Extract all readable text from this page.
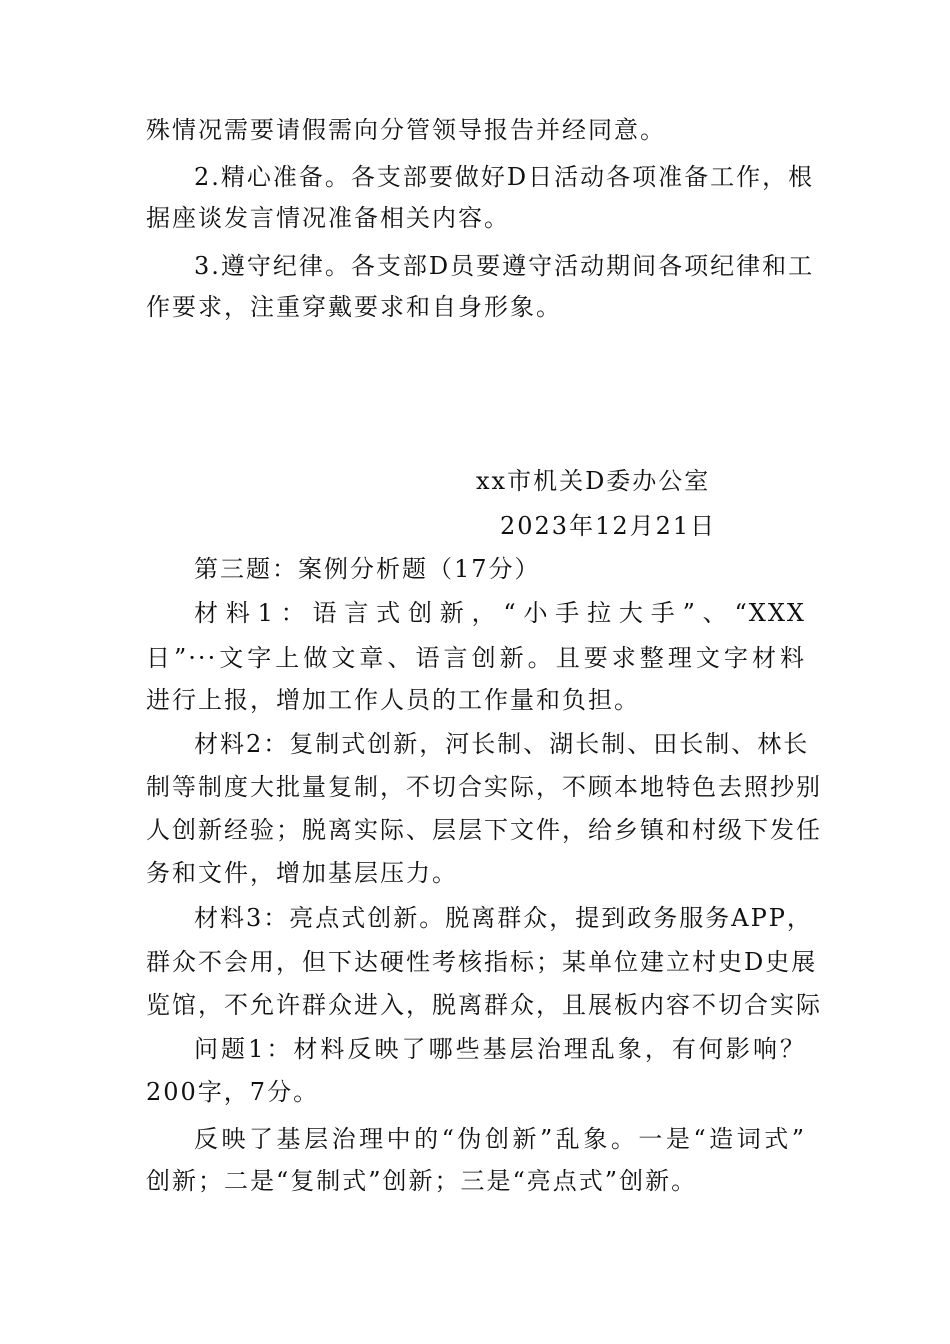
殊情况需要请假需向分管领导报告并经同意。
2.精心准备。各支部要做好D日活动各项准备工作，根
据座谈发言情况准备相关内容。
3.遵守纪律。各支部D员要遵守活动期间各项纪律和工
作要求，注重穿戴要求和自身形象。
xx市机关D委办公室
2023年12月21日
第三题：案例分析题（17分）
材料1：语言式创新，“小手拉大手”、“XXX
日”···文字上做文章、语言创新。且要求整理文字材料
进行上报，增加工作人员的工作量和负担。
材料2：复制式创新，河长制、湖长制、田长制、林长
制等制度大批量复制，不切合实际，不顾本地特色去照抄别
人创新经验；脱离实际、层层下文件，给乡镇和村级下发任
务和文件，增加基层压力。
材料3：亮点式创新。脱离群众，提到政务服务APP，
群众不会用，但下达硬性考核指标；某单位建立村史D史展
览馆，不允许群众进入，脱离群众，且展板内容不切合实际
问题1：材料反映了哪些基层治理乱象，有何影响？
200字，7分。
反映了基层治理中的“伪创新”乱象。一是“造词式”
创新；二是“复制式”创新；三是“亮点式”创新。
